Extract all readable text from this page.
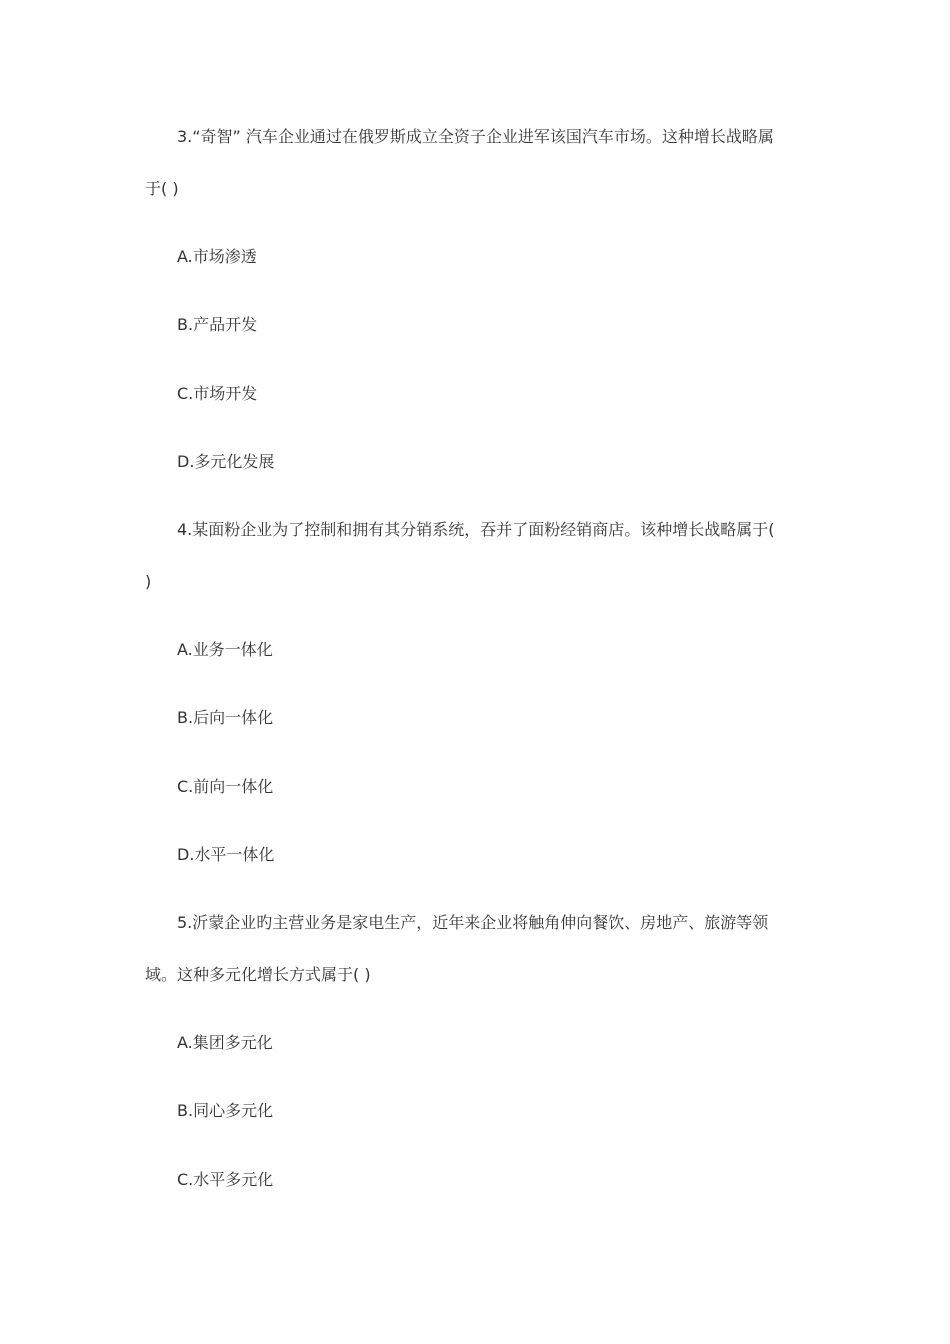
3.“奇智” 汽车企业通过在俄罗斯成立全资子企业进军该国汽车市场。这种增长战略属
于( )
A.市场渗透
B.产品开发
C.市场开发
D.多元化发展
4.某面粉企业为了控制和拥有其分销系统，吞并了面粉经销商店。该种增长战略属于(
)
A.业务一体化
B.后向一体化
C.前向一体化
D.水平一体化
5.沂蒙企业旳主营业务是家电生产，近年来企业将触角伸向餐饮、房地产、旅游等领
域。这种多元化增长方式属于( )
A.集团多元化
B.同心多元化
C.水平多元化
